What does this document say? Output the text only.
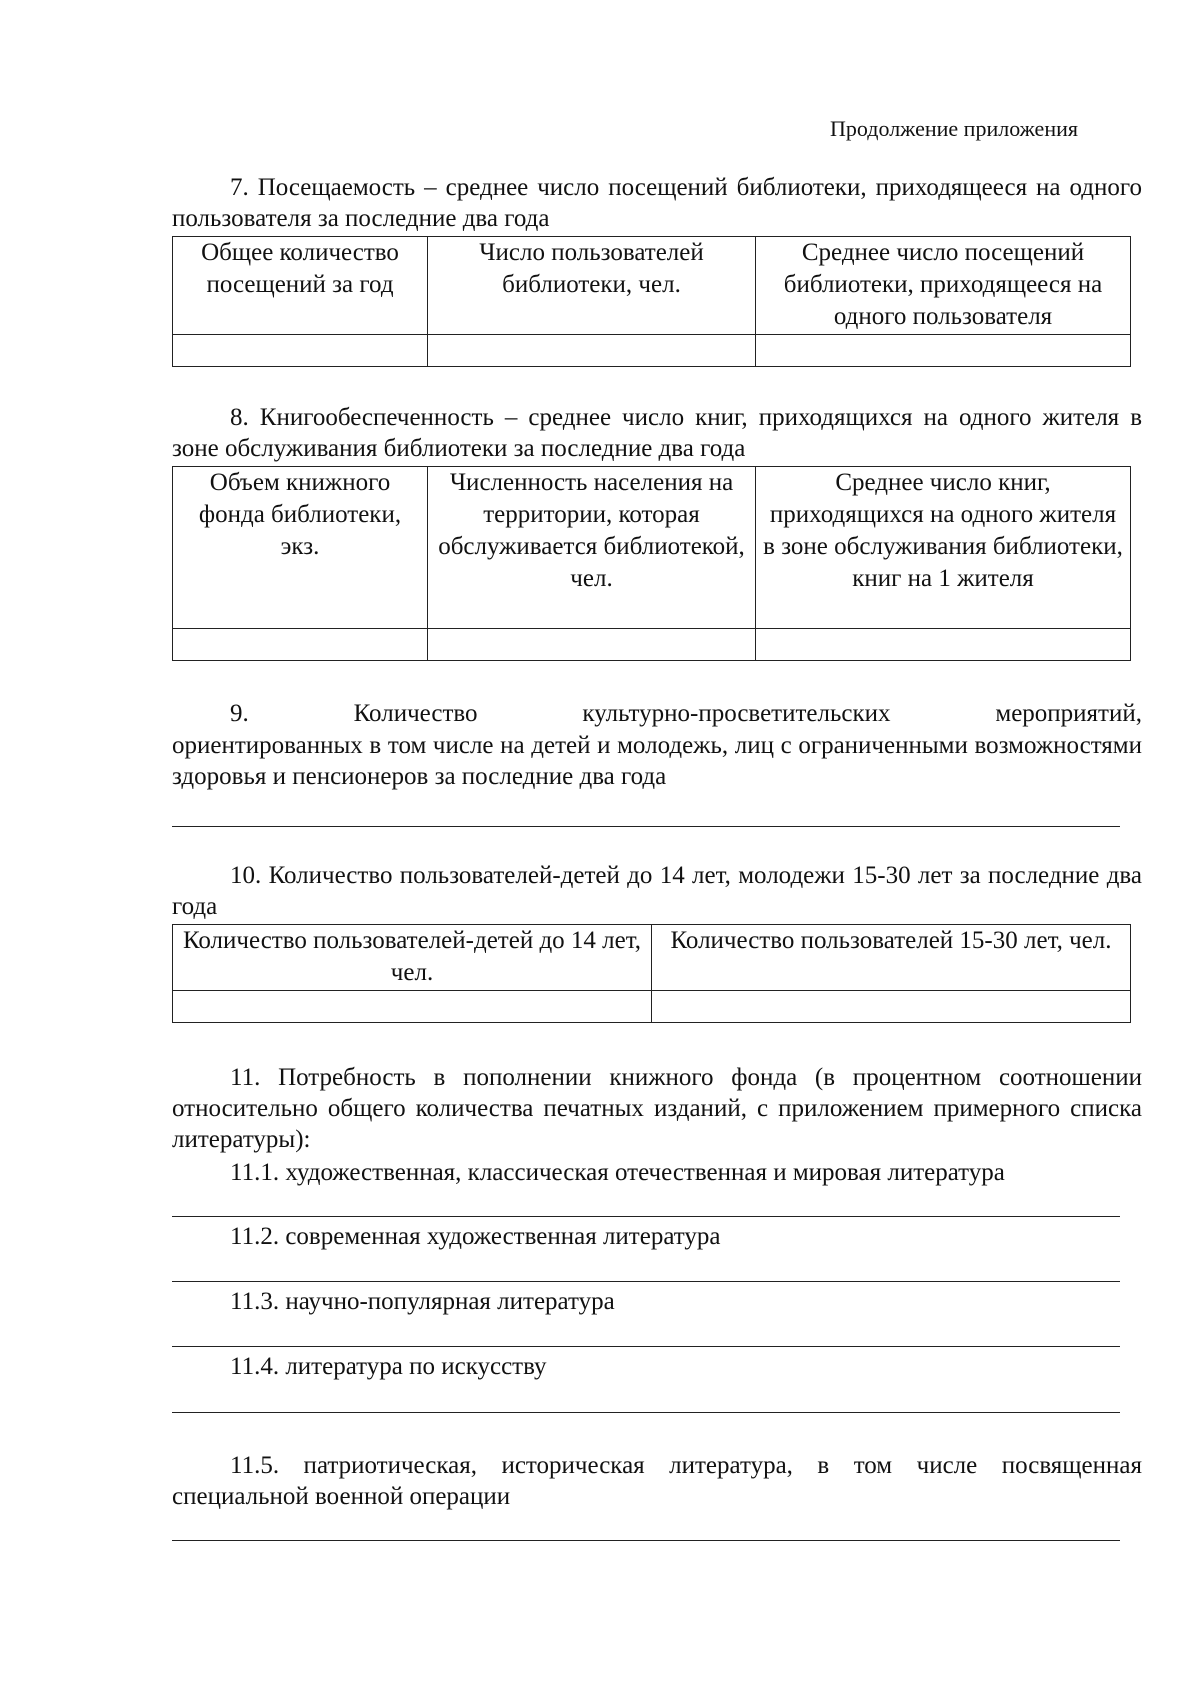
Продолжение приложения

7. Посещаемость – среднее число посещений библиотеки, приходящееся на одного пользователя за последние два года

Общее количество посещений за год	Число пользователей библиотеки, чел.	Среднее число посещений библиотеки, приходящееся на одного пользователя

8. Книгообеспеченность – среднее число книг, приходящихся на одного жителя в зоне обслуживания библиотеки за последние два года

Объем книжного фонда библиотеки, экз.	Численность населения на территории, которая обслуживается библиотекой, чел.	Среднее число книг, приходящихся на одного жителя в зоне обслуживания библиотеки,
книг на 1 жителя

9. Количество культурно-просветительских мероприятий,

ориентированных в том числе на детей и молодежь, лиц с ограниченными возможностями здоровья и пенсионеров за последние два года

10. Количество пользователей-детей до 14 лет, молодежи 15-30 лет за последние два года

Количество пользователей-детей до 14 лет, чел.	Количество пользователей 15-30 лет, чел.

11. Потребность в пополнении книжного фонда (в процентном соотношении относительно общего количества печатных изданий, с приложением примерного списка литературы):

11.1. художественная, классическая отечественная и мировая литература

11.2. современная художественная литература

11.3. научно-популярная литература

11.4. литература по искусству

11.5. патриотическая, историческая литература, в том числе посвященная специальной военной операции
